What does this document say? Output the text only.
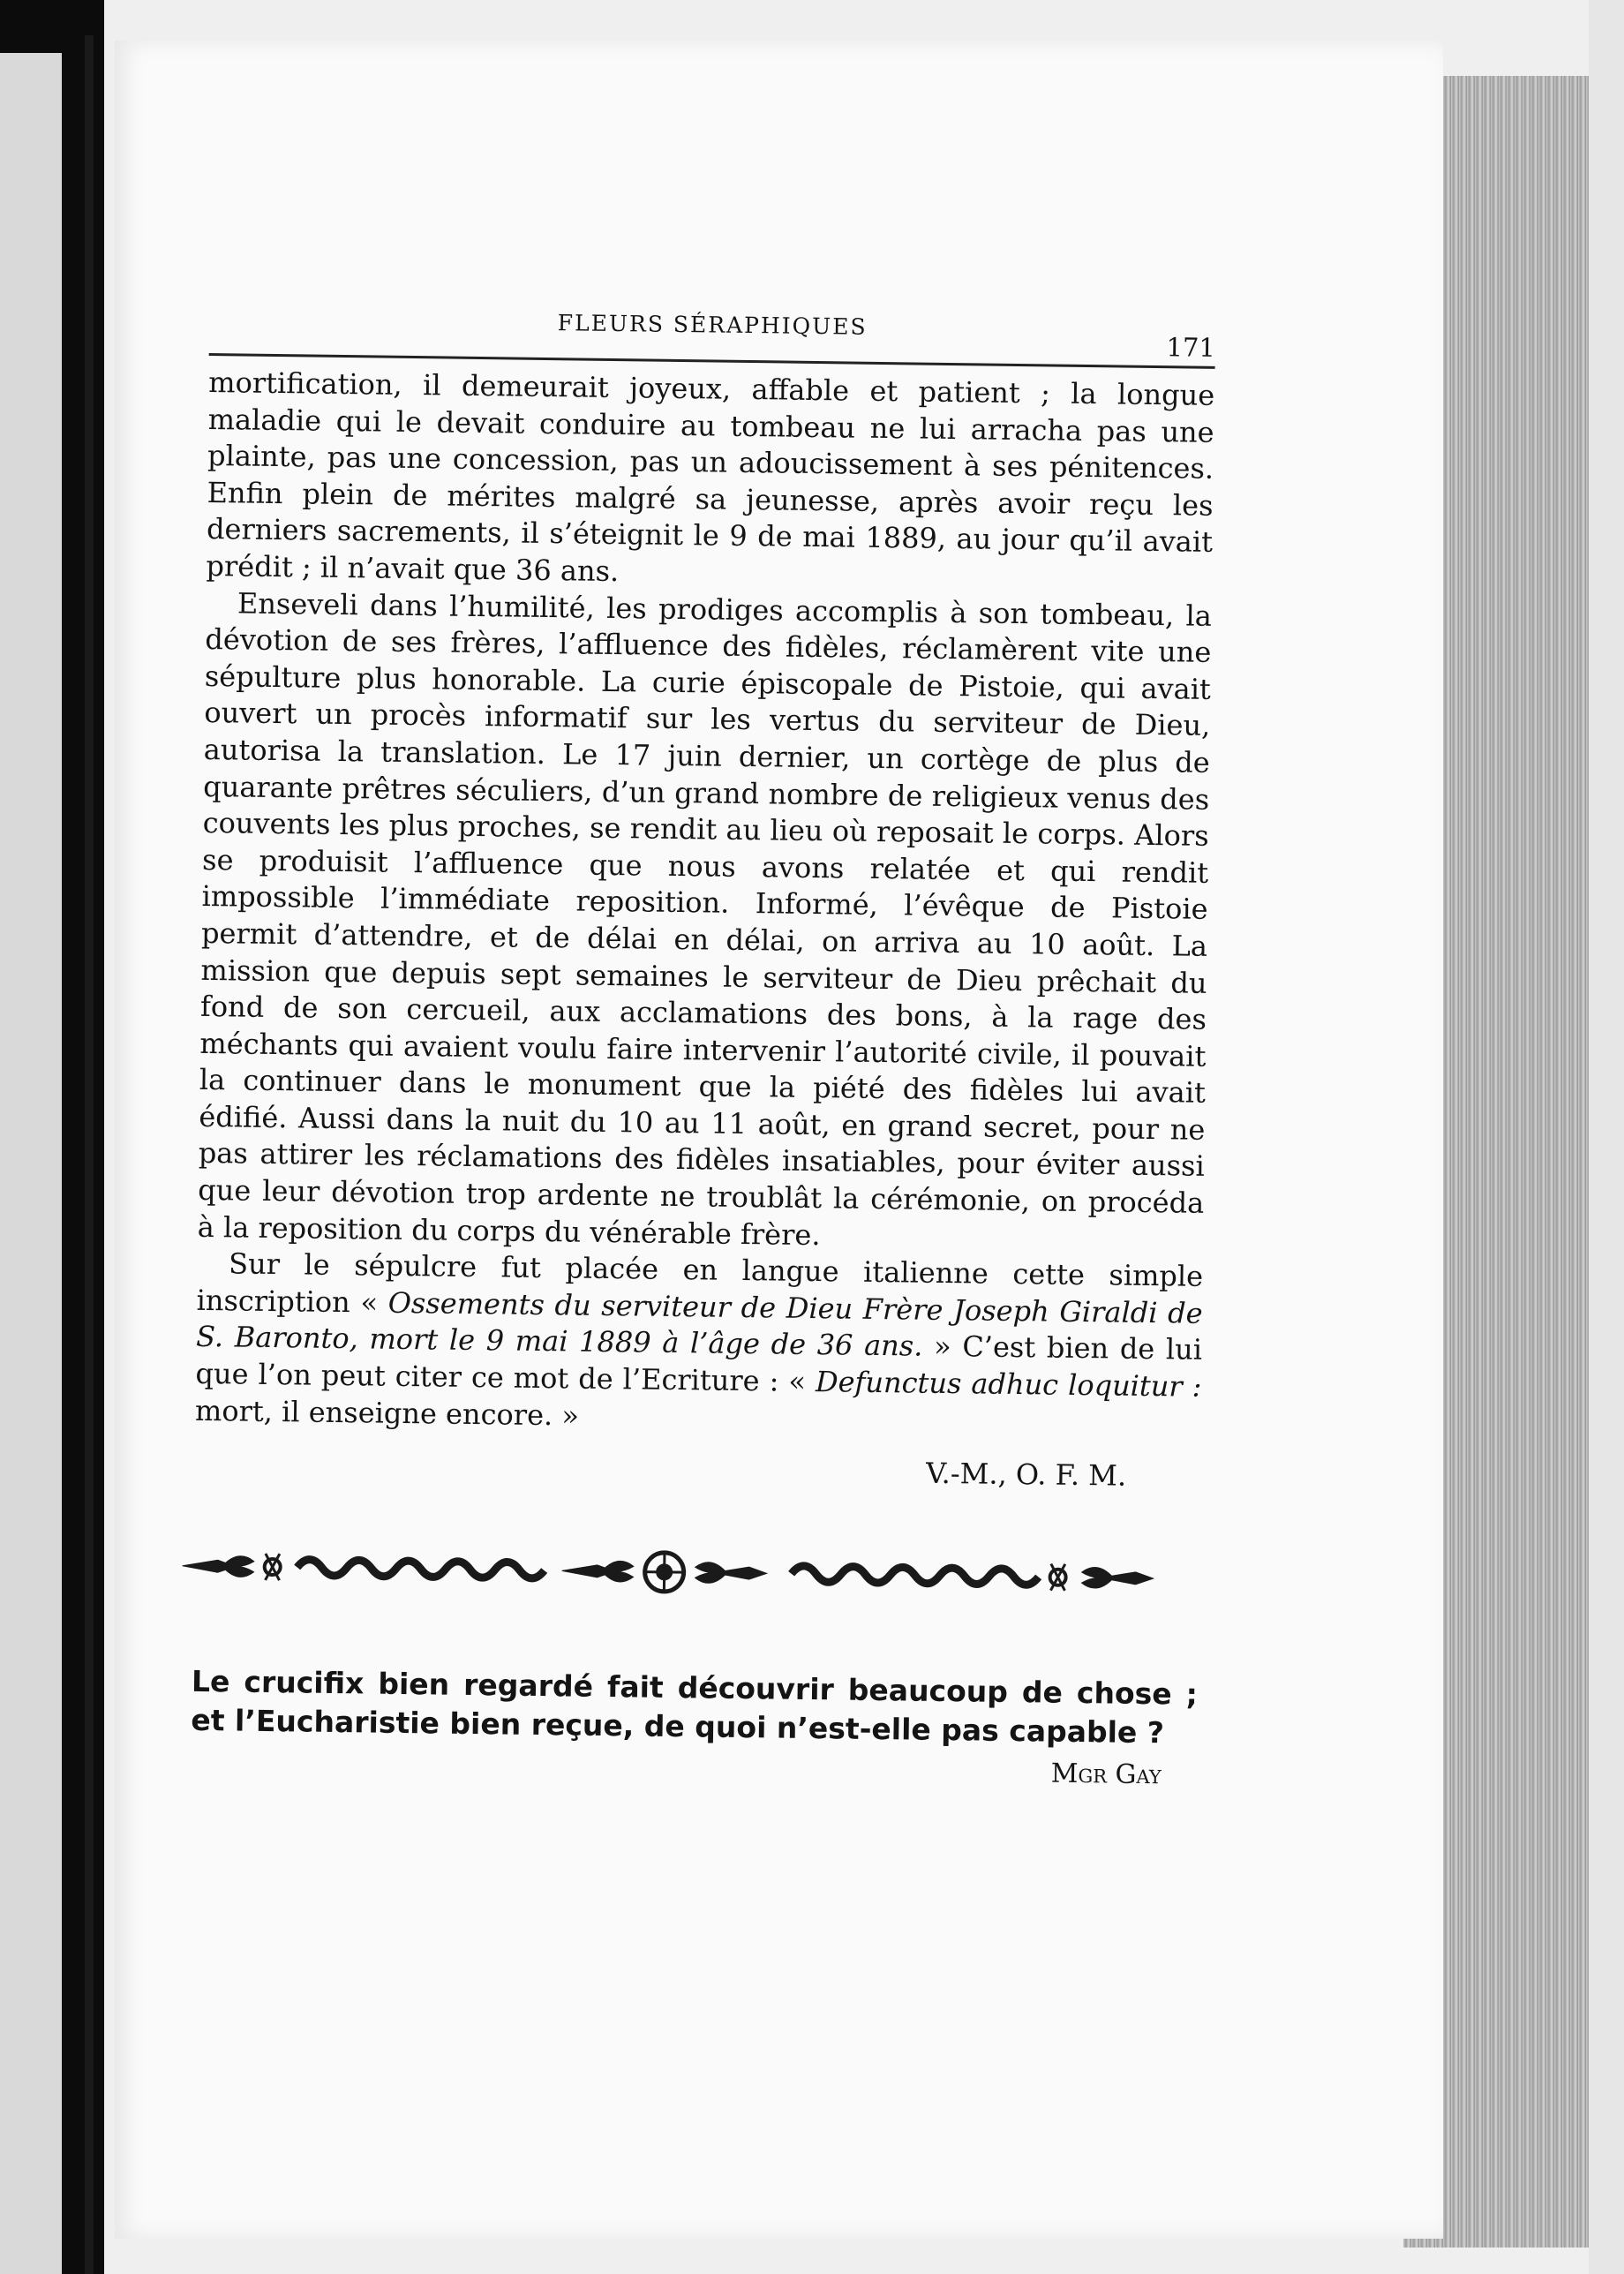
FLEURS SÉRAPHIQUES
171

mortification, il demeurait joyeux, affable et patient ; la longue maladie qui le devait conduire au tombeau ne lui arracha pas une plainte, pas une concession, pas un adoucissement à ses pénitences. Enfin plein de mérites malgré sa jeunesse, après avoir reçu les derniers sacrements, il s’éteignit le 9 de mai 1889, au jour qu’il avait prédit ; il n’avait que 36 ans.

Enseveli dans l’humilité, les prodiges accomplis à son tombeau, la dévotion de ses frères, l’affluence des fidèles, réclamèrent vite une sépulture plus honorable. La curie épiscopale de Pistoie, qui avait ouvert un procès informatif sur les vertus du serviteur de Dieu, autorisa la translation. Le 17 juin dernier, un cortège de plus de quarante prêtres séculiers, d’un grand nombre de religieux venus des couvents les plus proches, se rendit au lieu où reposait le corps. Alors se produisit l’affluence que nous avons relatée et qui rendit impossible l’immédiate reposition. Informé, l’évêque de Pistoie permit d’attendre, et de délai en délai, on arriva au 10 août. La mission que depuis sept semaines le serviteur de Dieu prêchait du fond de son cercueil, aux acclamations des bons, à la rage des méchants qui avaient voulu faire intervenir l’autorité civile, il pouvait la continuer dans le monument que la piété des fidèles lui avait édifié. Aussi dans la nuit du 10 au 11 août, en grand secret, pour ne pas attirer les réclamations des fidèles insatiables, pour éviter aussi que leur dévotion trop ardente ne troublât la cérémonie, on procéda à la reposition du corps du vénérable frère.

Sur le sépulcre fut placée en langue italienne cette simple inscription « Ossements du serviteur de Dieu Frère Joseph Giraldi de S. Baronto, mort le 9 mai 1889 à l’âge de 36 ans. » C’est bien de lui que l’on peut citer ce mot de l’Ecriture : « Defunctus adhuc loquitur : mort, il enseigne encore. »

V.-M., O. F. M.

Le crucifix bien regardé fait découvrir beaucoup de chose ; et l’Eucharistie bien reçue, de quoi n’est-elle pas capable ?

Mgr Gay
